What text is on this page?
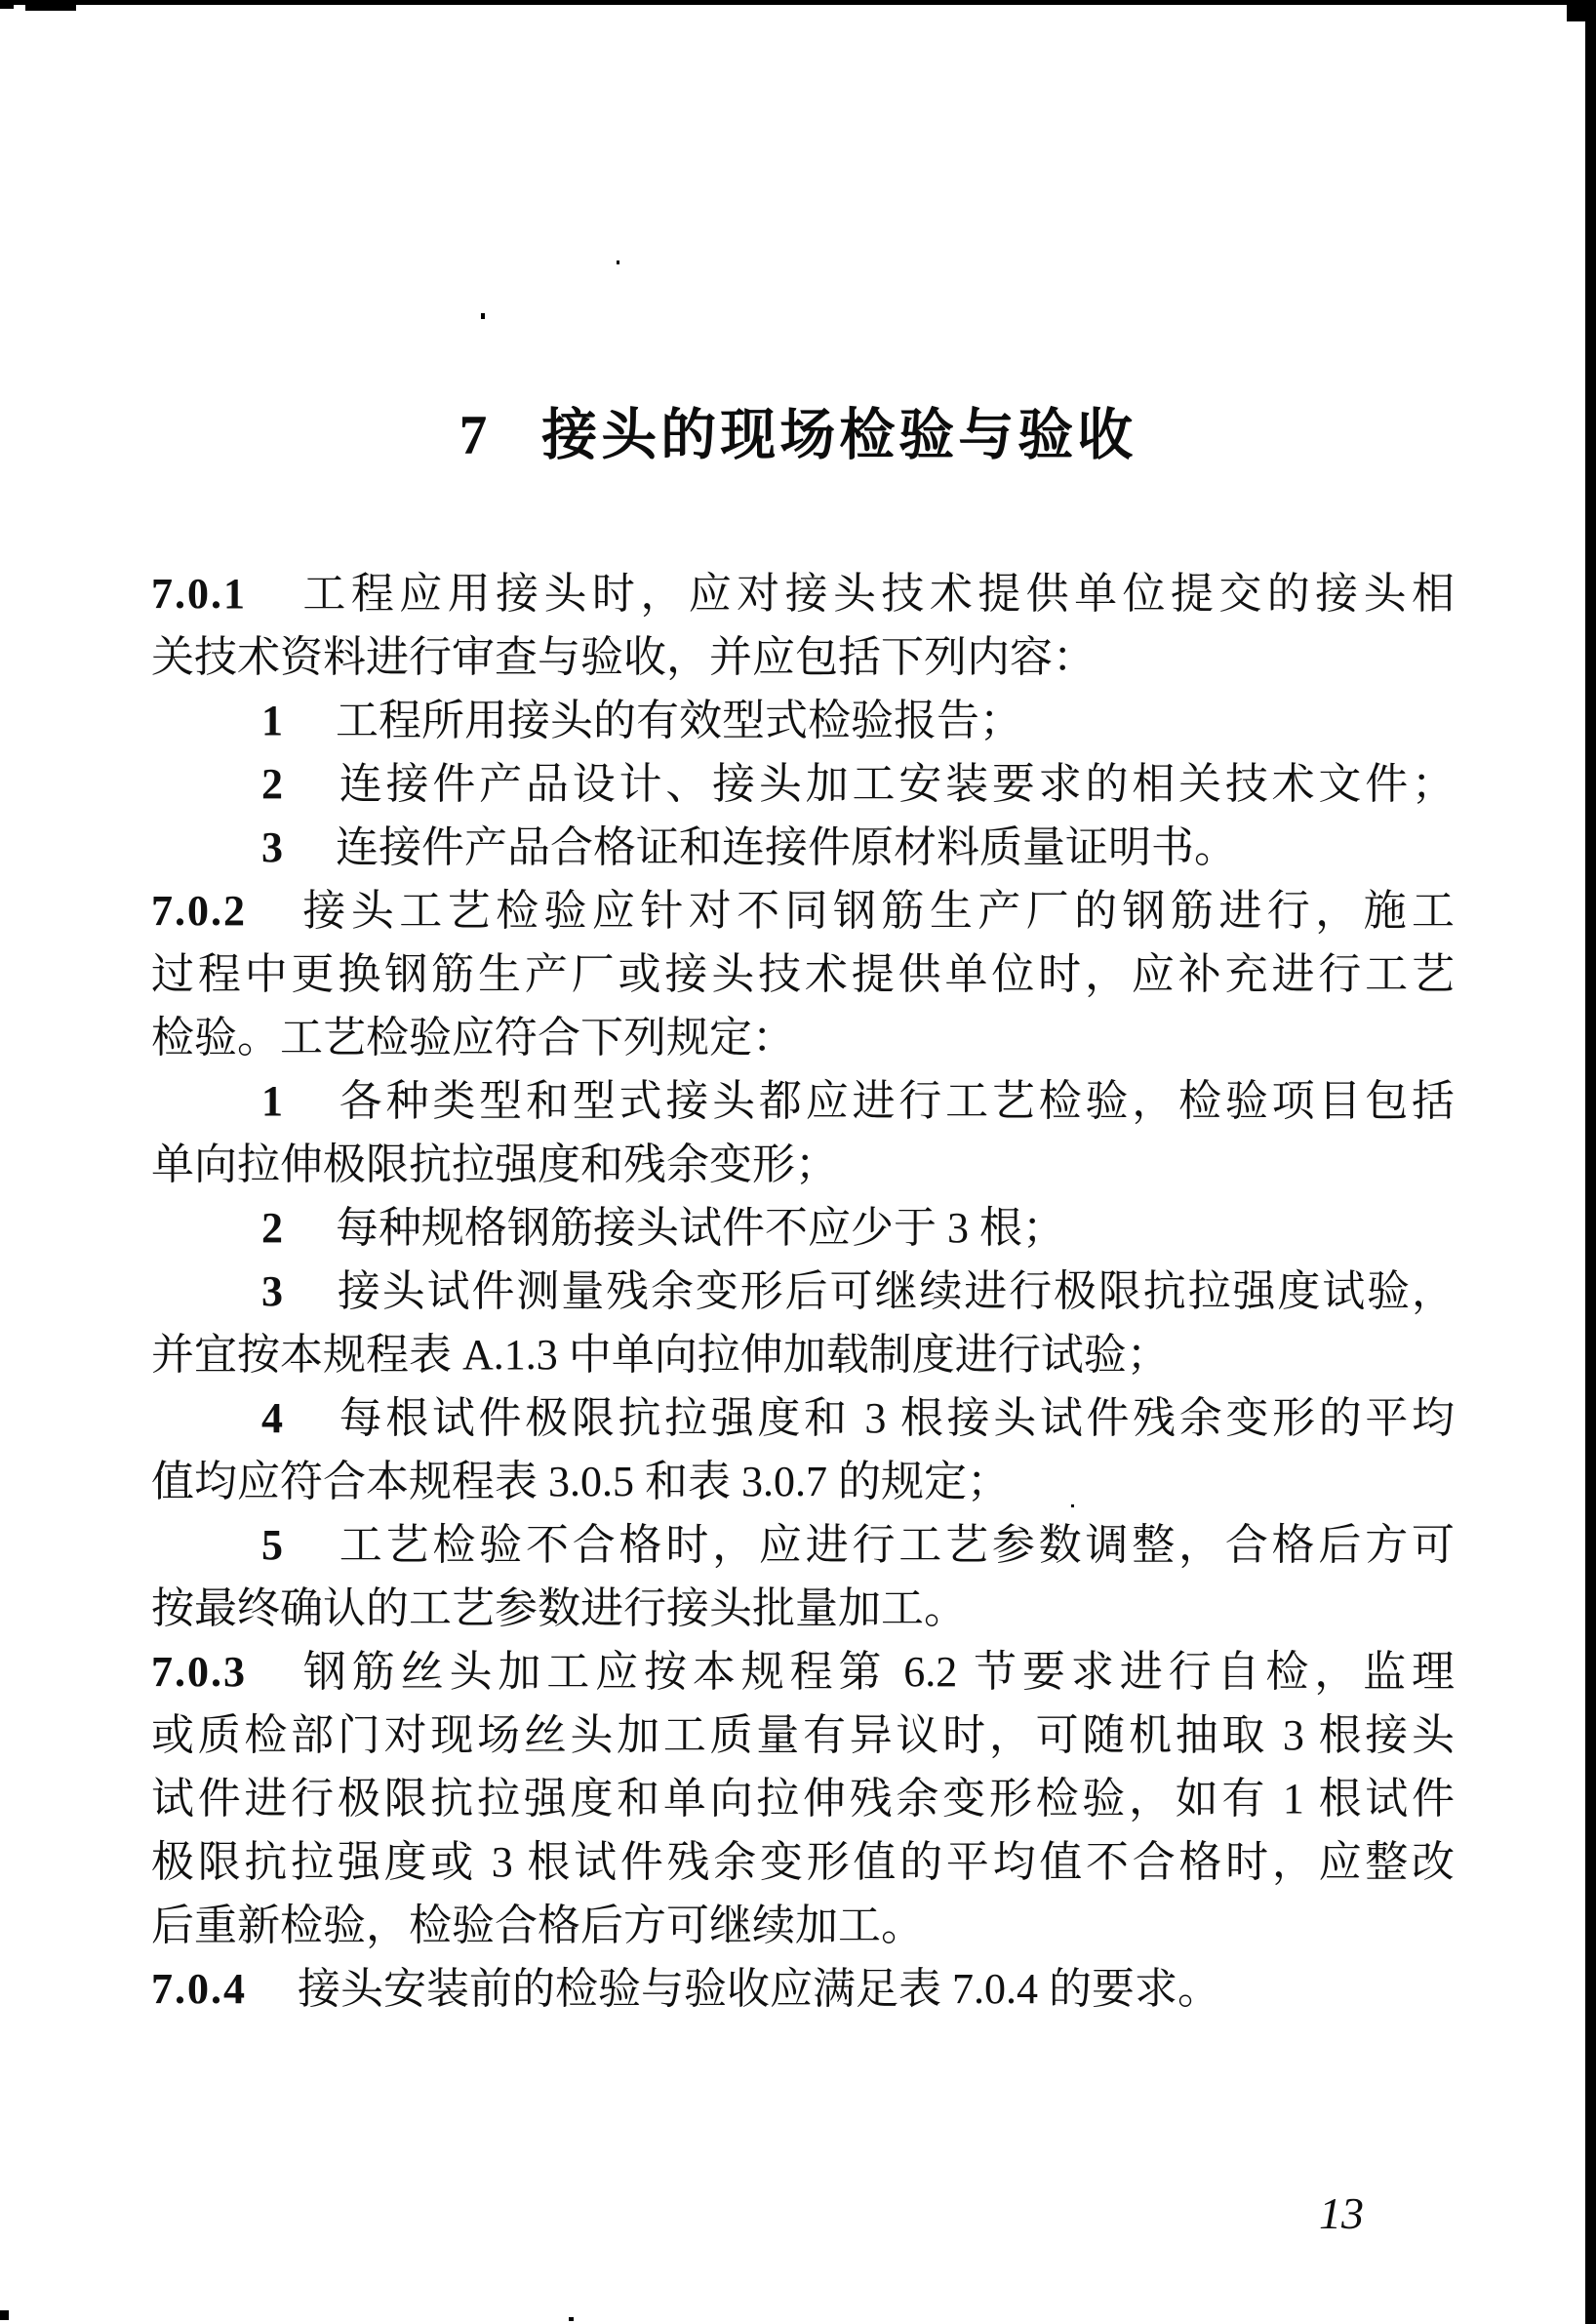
7 接头的现场检验与验收
7.0.1 工程应用接头时，应对接头技术提供单位提交的接头相
关技术资料进行审查与验收，并应包括下列内容：
1 工程所用接头的有效型式检验报告；
2 连接件产品设计、接头加工安装要求的相关技术文件；
3 连接件产品合格证和连接件原材料质量证明书。
7.0.2 接头工艺检验应针对不同钢筋生产厂的钢筋进行，施工
过程中更换钢筋生产厂或接头技术提供单位时，应补充进行工艺
检验。工艺检验应符合下列规定：
1 各种类型和型式接头都应进行工艺检验，检验项目包括
单向拉伸极限抗拉强度和残余变形；
2 每种规格钢筋接头试件不应少于 3 根；
3 接头试件测量残余变形后可继续进行极限抗拉强度试验，
并宜按本规程表 A.1.3 中单向拉伸加载制度进行试验；
4 每根试件极限抗拉强度和 3 根接头试件残余变形的平均
值均应符合本规程表 3.0.5 和表 3.0.7 的规定；
5 工艺检验不合格时，应进行工艺参数调整，合格后方可
按最终确认的工艺参数进行接头批量加工。
7.0.3 钢筋丝头加工应按本规程第 6.2 节要求进行自检，监理
或质检部门对现场丝头加工质量有异议时，可随机抽取 3 根接头
试件进行极限抗拉强度和单向拉伸残余变形检验，如有 1 根试件
极限抗拉强度或 3 根试件残余变形值的平均值不合格时，应整改
后重新检验，检验合格后方可继续加工。
7.0.4 接头安装前的检验与验收应满足表 7.0.4 的要求。
13
